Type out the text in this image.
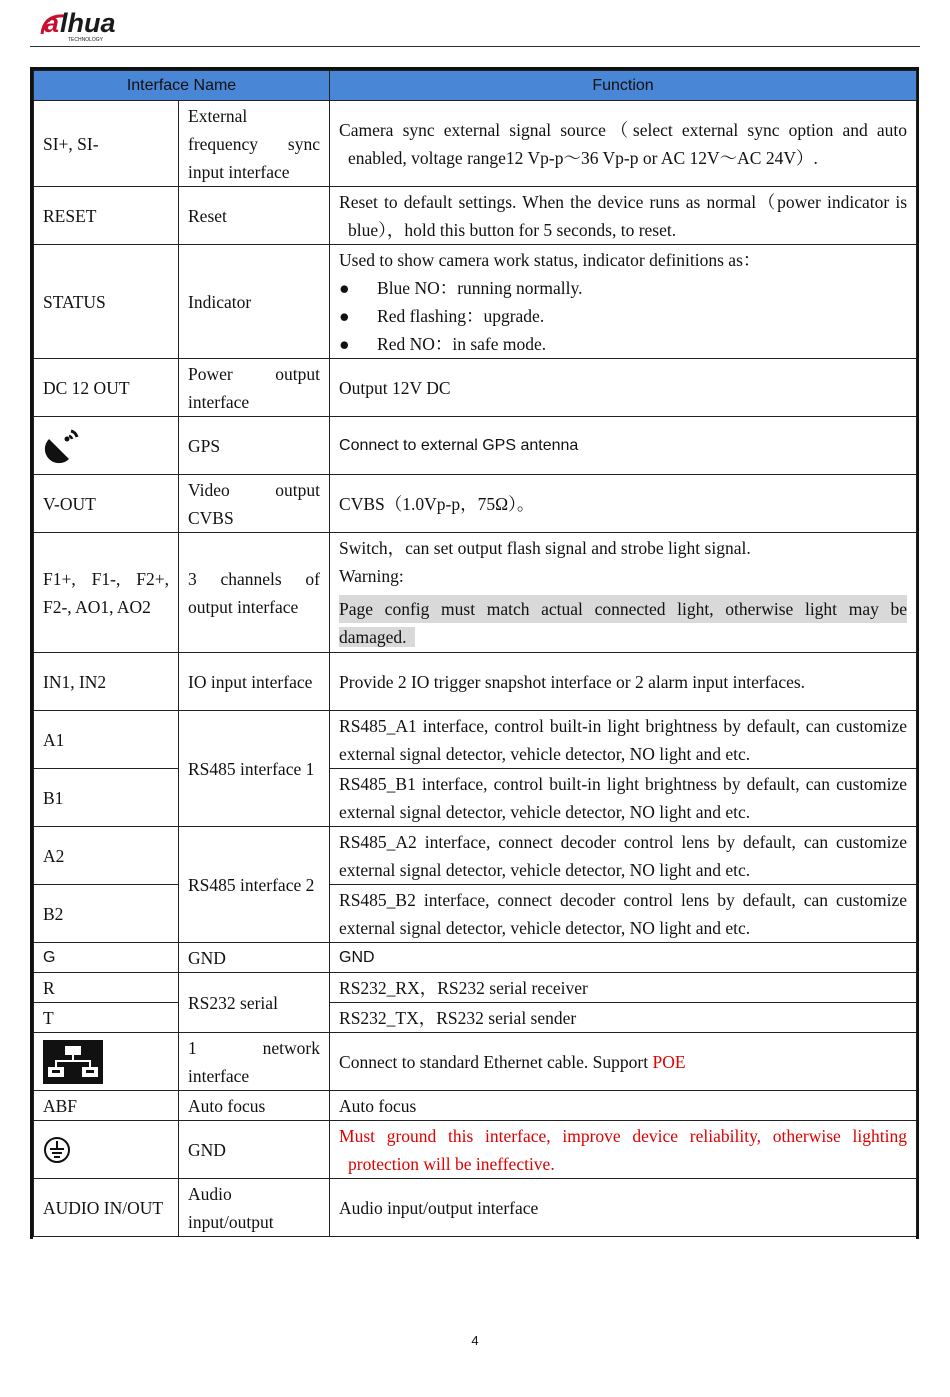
a lhua
TECHNOLOGY
Interface Name		Function
SI+, SI-	External frequency sync input interface	Camera sync external signal source（select external sync option and auto enabled, voltage range12 Vp-p～36 Vp-p or AC 12V～AC 24V）.

RESET	Reset	Reset to default settings. When the device runs as normal（power indicator is blue），hold this button for 5 seconds, to reset.

STATUS	Indicator	Used to show camera work status, indicator definitions as：
● Blue NO：running normally.
● Red flashing：upgrade.
● Red NO：in safe mode.

DC 12 OUT	Power output interface	Output 12V DC

	GPS	Connect to external GPS antenna
V-OUT	Video output CVBS	CVBS（1.0Vp-p，75Ω）。
F1+, F1-, F2+, F2-, AO1, AO2	3 channels of output interface	Switch，can set output flash signal and strobe light signal.
Warning:
Page config must match actual connected light, otherwise light may be
damaged.
IN1, IN2	IO input interface	Provide 2 IO trigger snapshot interface or 2 alarm input interfaces.
A1	RS485 interface 1	RS485_A1 interface, control built-in light brightness by default, can customize external signal detector, vehicle detector, NO light and etc.
B1		RS485_B1 interface, control built-in light brightness by default, can customize external signal detector, vehicle detector, NO light and etc.
A2	RS485 interface 2	RS485_A2 interface, connect decoder control lens by default, can customize external signal detector, vehicle detector, NO light and etc.
B2		RS485_B2 interface, connect decoder control lens by default, can customize external signal detector, vehicle detector, NO light and etc.
G	GND	GND
R	RS232 serial	RS232_RX，RS232 serial receiver
T		RS232_TX，RS232 serial sender

	1 network interface	Connect to standard Ethernet cable. Support POE
ABF	Auto focus	Auto focus

	GND	Must ground this interface, improve device reliability, otherwise lighting protection will be ineffective.

AUDIO IN/OUT	Audio input/output	Audio input/output interface
4
